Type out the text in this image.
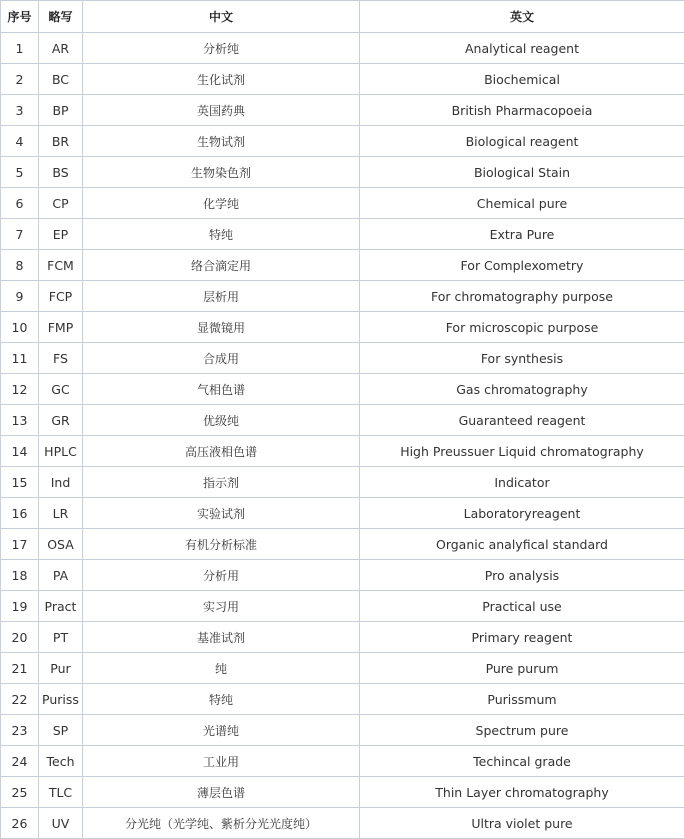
序号	略写	中文	英文
1	AR	分析纯	Analytical reagent
2	BC	生化试剂	Biochemical
3	BP	英国药典	British Pharmacopoeia
4	BR	生物试剂	Biological reagent
5	BS	生物染色剂	Biological Stain
6	CP	化学纯	Chemical pure
7	EP	特纯	Extra Pure
8	FCM	络合滴定用	For Complexometry
9	FCP	层析用	For chromatography purpose
10	FMP	显微镜用	For microscopic purpose
11	FS	合成用	For synthesis
12	GC	气相色谱	Gas chromatography
13	GR	优级纯	Guaranteed reagent
14	HPLC	高压液相色谱	High Preussuer Liquid chromatography
15	Ind	指示剂	Indicator
16	LR	实验试剂	Laboratoryreagent
17	OSA	有机分析标准	Organic analyfical standard
18	PA	分析用	Pro analysis
19	Pract	实习用	Practical use
20	PT	基准试剂	Primary reagent
21	Pur	纯	Pure purum
22	Puriss	特纯	Purissmum
23	SP	光谱纯	Spectrum pure
24	Tech	工业用	Techincal grade
25	TLC	薄层色谱	Thin Layer chromatography
26	UV	分光纯（光学纯、紫析分光光度纯）	Ultra violet pure
